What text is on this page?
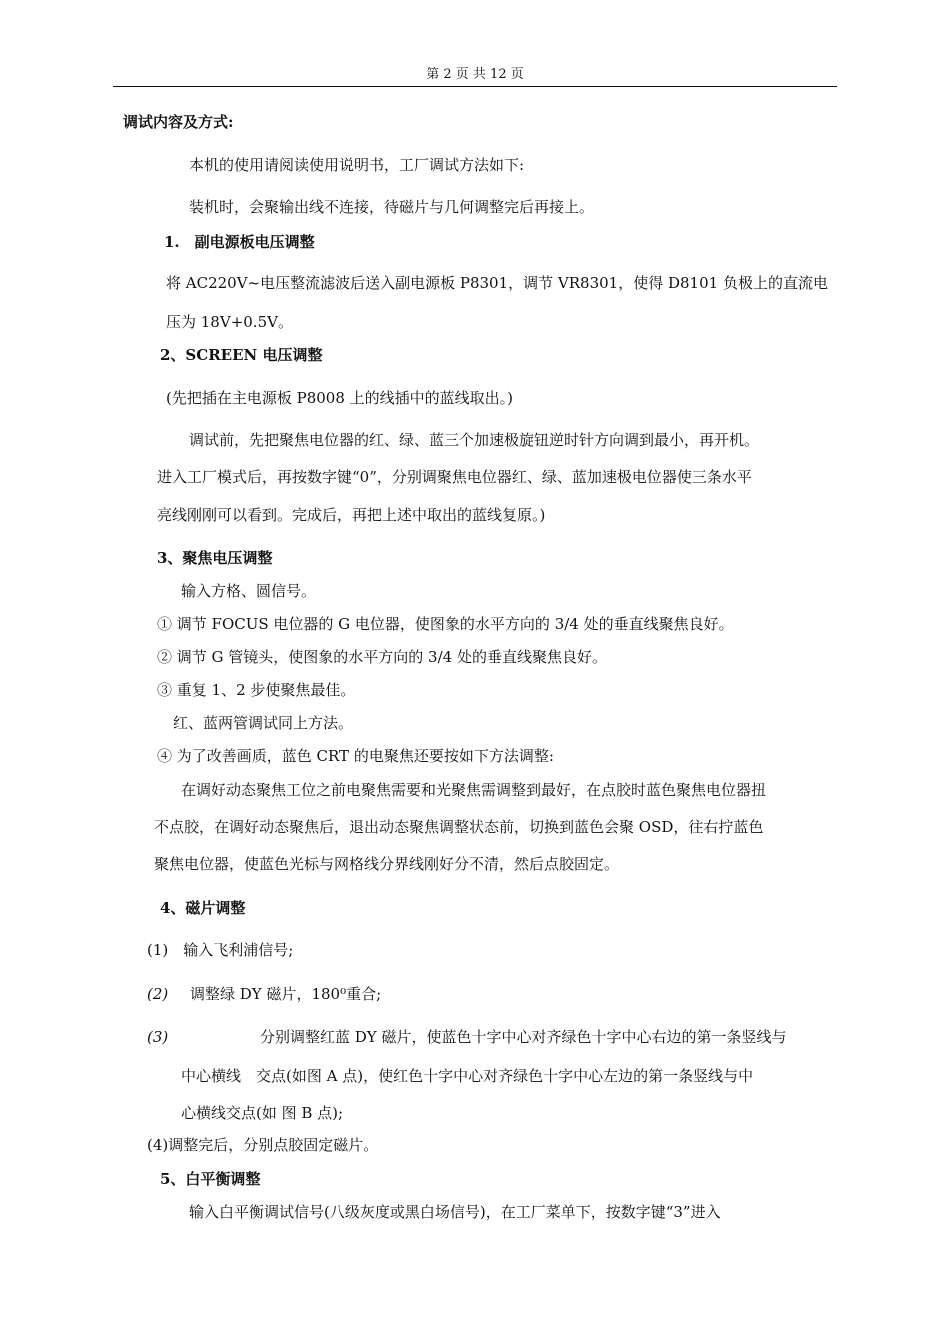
第 2 页 共 12 页
调试内容及方式:
本机的使用请阅读使用说明书，工厂调试方法如下:
装机时，会聚输出线不连接，待磁片与几何调整完后再接上。
1.　副电源板电压调整
将 AC220V~电压整流滤波后送入副电源板 P8301，调节 VR8301，使得 D8101 负极上的直流电
压为 18V+0.5V。
2、SCREEN 电压调整
(先把插在主电源板 P8008 上的线插中的蓝线取出。)
调试前，先把聚焦电位器的红、绿、蓝三个加速极旋钮逆时针方向调到最小，再开机。
进入工厂模式后，再按数字键“0”，分别调聚焦电位器红、绿、蓝加速极电位器使三条水平
亮线刚刚可以看到。完成后，再把上述中取出的蓝线复原。)
3、聚焦电压调整
输入方格、圆信号。
① 调节 FOCUS 电位器的 G 电位器，使图象的水平方向的 3/4 处的垂直线聚焦良好。
② 调节 G 管镜头，使图象的水平方向的 3/4 处的垂直线聚焦良好。
③ 重复 1、2 步使聚焦最佳。
红、蓝两管调试同上方法。
④ 为了改善画质，蓝色 CRT 的电聚焦还要按如下方法调整:
在调好动态聚焦工位之前电聚焦需要和光聚焦需调整到最好，在点胶时蓝色聚焦电位器扭
不点胶，在调好动态聚焦后，退出动态聚焦调整状态前，切换到蓝色会聚 OSD，往右拧蓝色
聚焦电位器，使蓝色光标与网格线分界线刚好分不清，然后点胶固定。
4、磁片调整
(1)　输入飞利浦信号;
(2) 调整绿 DY 磁片，180⁰重合;
(3)	分别调整红蓝 DY 磁片，使蓝色十字中心对齐绿色十字中心右边的第一条竖线与
中心横线　交点(如图 A 点)，使红色十字中心对齐绿色十字中心左边的第一条竖线与中
心横线交点(如 图 B 点);
(4)调整完后，分别点胶固定磁片。
5、白平衡调整
输入白平衡调试信号(八级灰度或黑白场信号)，在工厂菜单下，按数字键“3”进入
